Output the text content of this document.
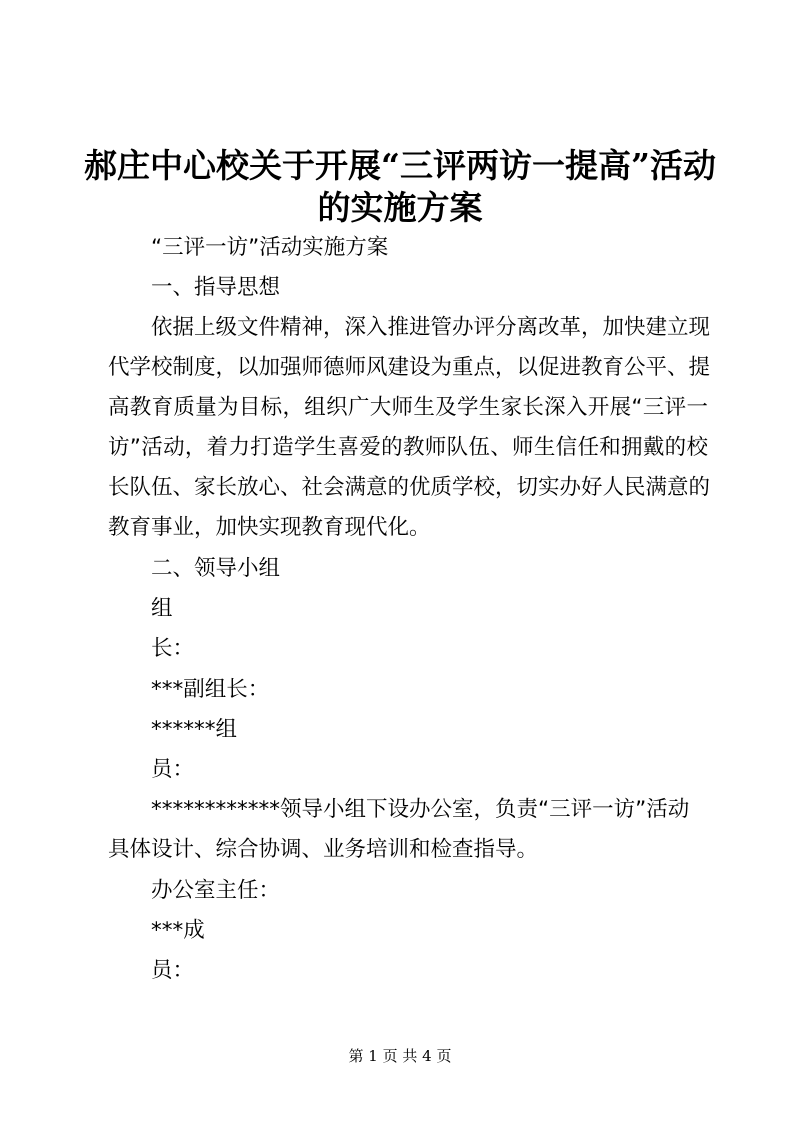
郝庄中心校关于开展“三评两访一提高”活动
的实施方案
“三评一访”活动实施方案
一、指导思想
依据上级文件精神，深入推进管办评分离改革，加快建立现
代学校制度，以加强师德师风建设为重点，以促进教育公平、提
高教育质量为目标，组织广大师生及学生家长深入开展“三评一
访”活动，着力打造学生喜爱的教师队伍、师生信任和拥戴的校
长队伍、家长放心、社会满意的优质学校，切实办好人民满意的
教育事业，加快实现教育现代化。
二、领导小组
组
长：
***副组长：
******组
员：
************领导小组下设办公室，负责“三评一访”活动
具体设计、综合协调、业务培训和检查指导。
办公室主任：
***成
员：
第 1 页 共 4 页
